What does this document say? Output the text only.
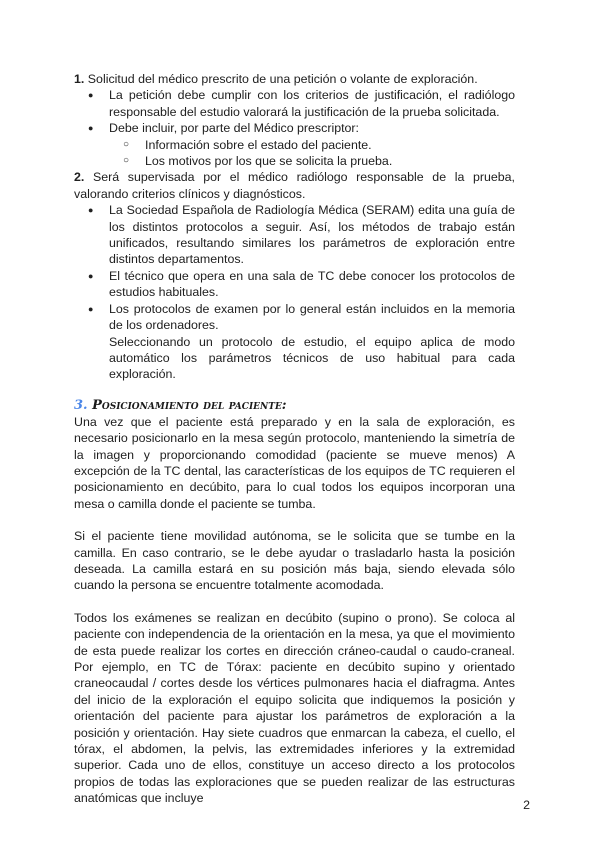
1. Solicitud del médico prescrito de una petición o volante de exploración.

● La petición debe cumplir con los criterios de justificación, el radiólogo responsable del estudio valorará la justificación de la prueba solicitada.
● Debe incluir, por parte del Médico prescriptor:
○ Información sobre el estado del paciente.
○ Los motivos por los que se solicita la prueba.

2. Será supervisada por el médico radiólogo responsable de la prueba, valorando criterios clínicos y diagnósticos.

● La Sociedad Española de Radiología Médica (SERAM) edita una guía de los distintos protocolos a seguir. Así, los métodos de trabajo están unificados, resultando similares los parámetros de exploración entre distintos departamentos.
● El técnico que opera en una sala de TC debe conocer los protocolos de estudios habituales.
● Los protocolos de examen por lo general están incluidos en la memoria de los ordenadores.
Seleccionando un protocolo de estudio, el equipo aplica de modo automático los parámetros técnicos de uso habitual para cada exploración.

3. Posicionamiento del paciente:

Una vez que el paciente está preparado y en la sala de exploración, es necesario posicionarlo en la mesa según protocolo, manteniendo la simetría de la imagen y proporcionando comodidad (paciente se mueve menos) A excepción de la TC dental, las características de los equipos de TC requieren el posicionamiento en decúbito, para lo cual todos los equipos incorporan una mesa o camilla donde el paciente se tumba.

Si el paciente tiene movilidad autónoma, se le solicita que se tumbe en la camilla. En caso contrario, se le debe ayudar o trasladarlo hasta la posición deseada. La camilla estará en su posición más baja, siendo elevada sólo cuando la persona se encuentre totalmente acomodada.

Todos los exámenes se realizan en decúbito (supino o prono). Se coloca al paciente con independencia de la orientación en la mesa, ya que el movimiento de esta puede realizar los cortes en dirección cráneo-caudal o caudo-craneal. Por ejemplo, en TC de Tórax: paciente en decúbito supino y orientado craneocaudal / cortes desde los vértices pulmonares hacia el diafragma. Antes del inicio de la exploración el equipo solicita que indiquemos la posición y orientación del paciente para ajustar los parámetros de exploración a la posición y orientación. Hay siete cuadros que enmarcan la cabeza, el cuello, el tórax, el abdomen, la pelvis, las extremidades inferiores y la extremidad superior. Cada uno de ellos, constituye un acceso directo a los protocolos propios de todas las exploraciones que se pueden realizar de las estructuras anatómicas que incluye	2
